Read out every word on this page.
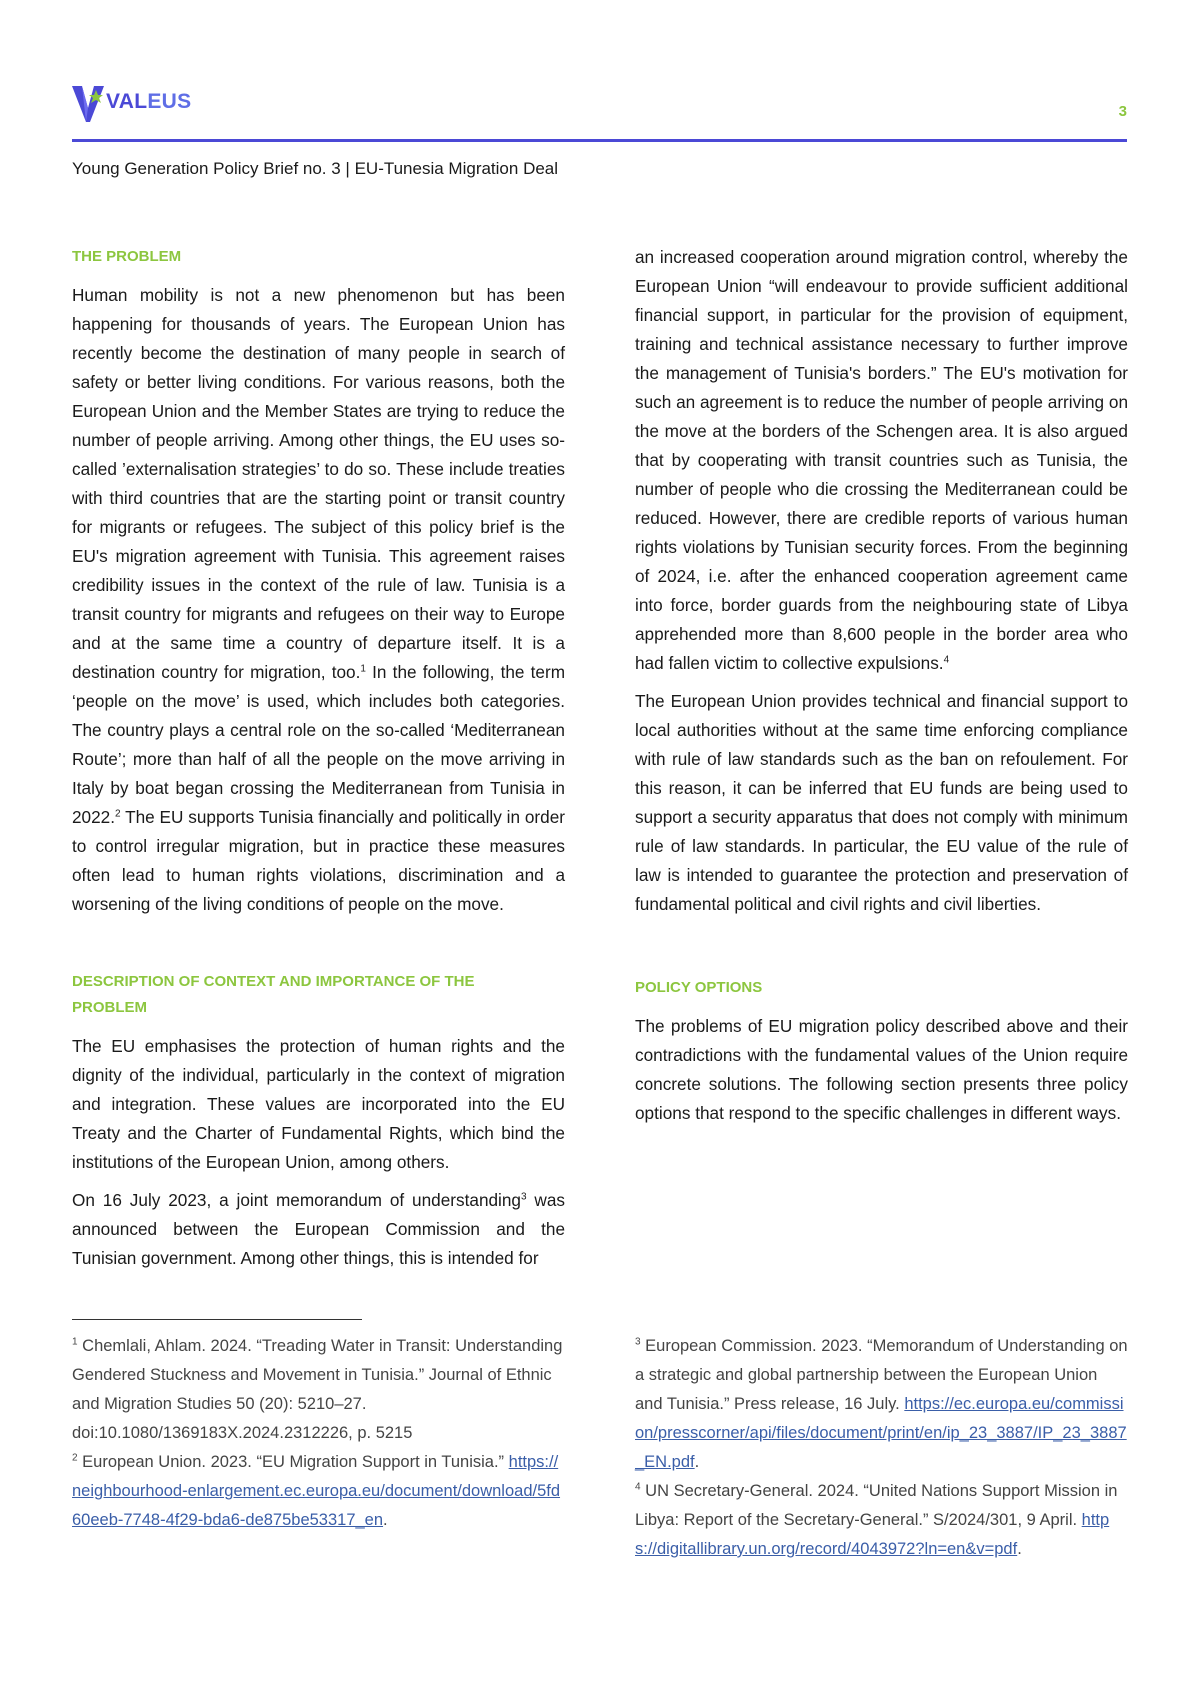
VALEUS	3
Young Generation Policy Brief no. 3 | EU-Tunesia Migration Deal
THE PROBLEM

Human mobility is not a new phenomenon but has been happening for thousands of years. The European Union has recently become the destination of many people in search of safety or better living conditions. For various reasons, both the European Union and the Member States are trying to reduce the number of people arriving. Among other things, the EU uses so-called ’externalisation strategies’ to do so. These include treaties with third countries that are the starting point or transit country for migrants or refugees. The subject of this policy brief is the EU's migration agreement with Tunisia. This agreement raises credibility issues in the context of the rule of law. Tunisia is a transit country for migrants and refugees on their way to Europe and at the same time a country of departure itself. It is a destination country for migration, too.$^1$ In the following, the term ‘people on the move’ is used, which includes both categories. The country plays a central role on the so-called ‘Mediterranean Route’; more than half of all the people on the move arriving in Italy by boat began crossing the Mediterranean from Tunisia in 2022.$^2$ The EU supports Tunisia financially and politically in order to control irregular migration, but in practice these measures often lead to human rights violations, discrimination and a worsening of the living conditions of people on the move.

DESCRIPTION OF CONTEXT AND IMPORTANCE OF THE PROBLEM

The EU emphasises the protection of human rights and the dignity of the individual, particularly in the context of migration and integration. These values are incorporated into the EU Treaty and the Charter of Fundamental Rights, which bind the institutions of the European Union, among others.

On 16 July 2023, a joint memorandum of understanding$^3$ was announced between the European Commission and the Tunisian government. Among other things, this is intended for

an increased cooperation around migration control, whereby the European Union “will endeavour to provide sufficient additional financial support, in particular for the provision of equipment, training and technical assistance necessary to further improve the management of Tunisia's borders.” The EU's motivation for such an agreement is to reduce the number of people arriving on the move at the borders of the Schengen area. It is also argued that by cooperating with transit countries such as Tunisia, the number of people who die crossing the Mediterranean could be reduced. However, there are credible reports of various human rights violations by Tunisian security forces. From the beginning of 2024, i.e. after the enhanced cooperation agreement came into force, border guards from the neighbouring state of Libya apprehended more than 8,600 people in the border area who had fallen victim to collective expulsions.$^4$

The European Union provides technical and financial support to local authorities without at the same time enforcing compliance with rule of law standards such as the ban on refoulement. For this reason, it can be inferred that EU funds are being used to support a security apparatus that does not comply with minimum rule of law standards. In particular, the EU value of the rule of law is intended to guarantee the protection and preservation of fundamental political and civil rights and civil liberties.

POLICY OPTIONS

The problems of EU migration policy described above and their contradictions with the fundamental values of the Union require concrete solutions. The following section presents three policy options that respond to the specific challenges in different ways.

$^1$ Chemlali, Ahlam. 2024. “Treading Water in Transit: Understanding Gendered Stuckness and Movement in Tunisia.” Journal of Ethnic and Migration Studies 50 (20): 5210–27. doi:10.1080/1369183X.2024.2312226, p. 5215

$^2$ European Union. 2023. “EU Migration Support in Tunisia.” https://neighbourhood-enlargement.ec.europa.eu/document/download/5fd60eeb-7748-4f29-bda6-de875be53317_en.

$^3$ European Commission. 2023. “Memorandum of Understanding on a strategic and global partnership between the European Union and Tunisia.” Press release, 16 July. https://ec.europa.eu/commission/presscorner/api/files/document/print/en/ip_23_3887/IP_23_3887_EN.pdf.

$^4$ UN Secretary-General. 2024. “United Nations Support Mission in Libya: Report of the Secretary-General.” S/2024/301, 9 April. https://digitallibrary.un.org/record/4043972?ln=en&v=pdf.
